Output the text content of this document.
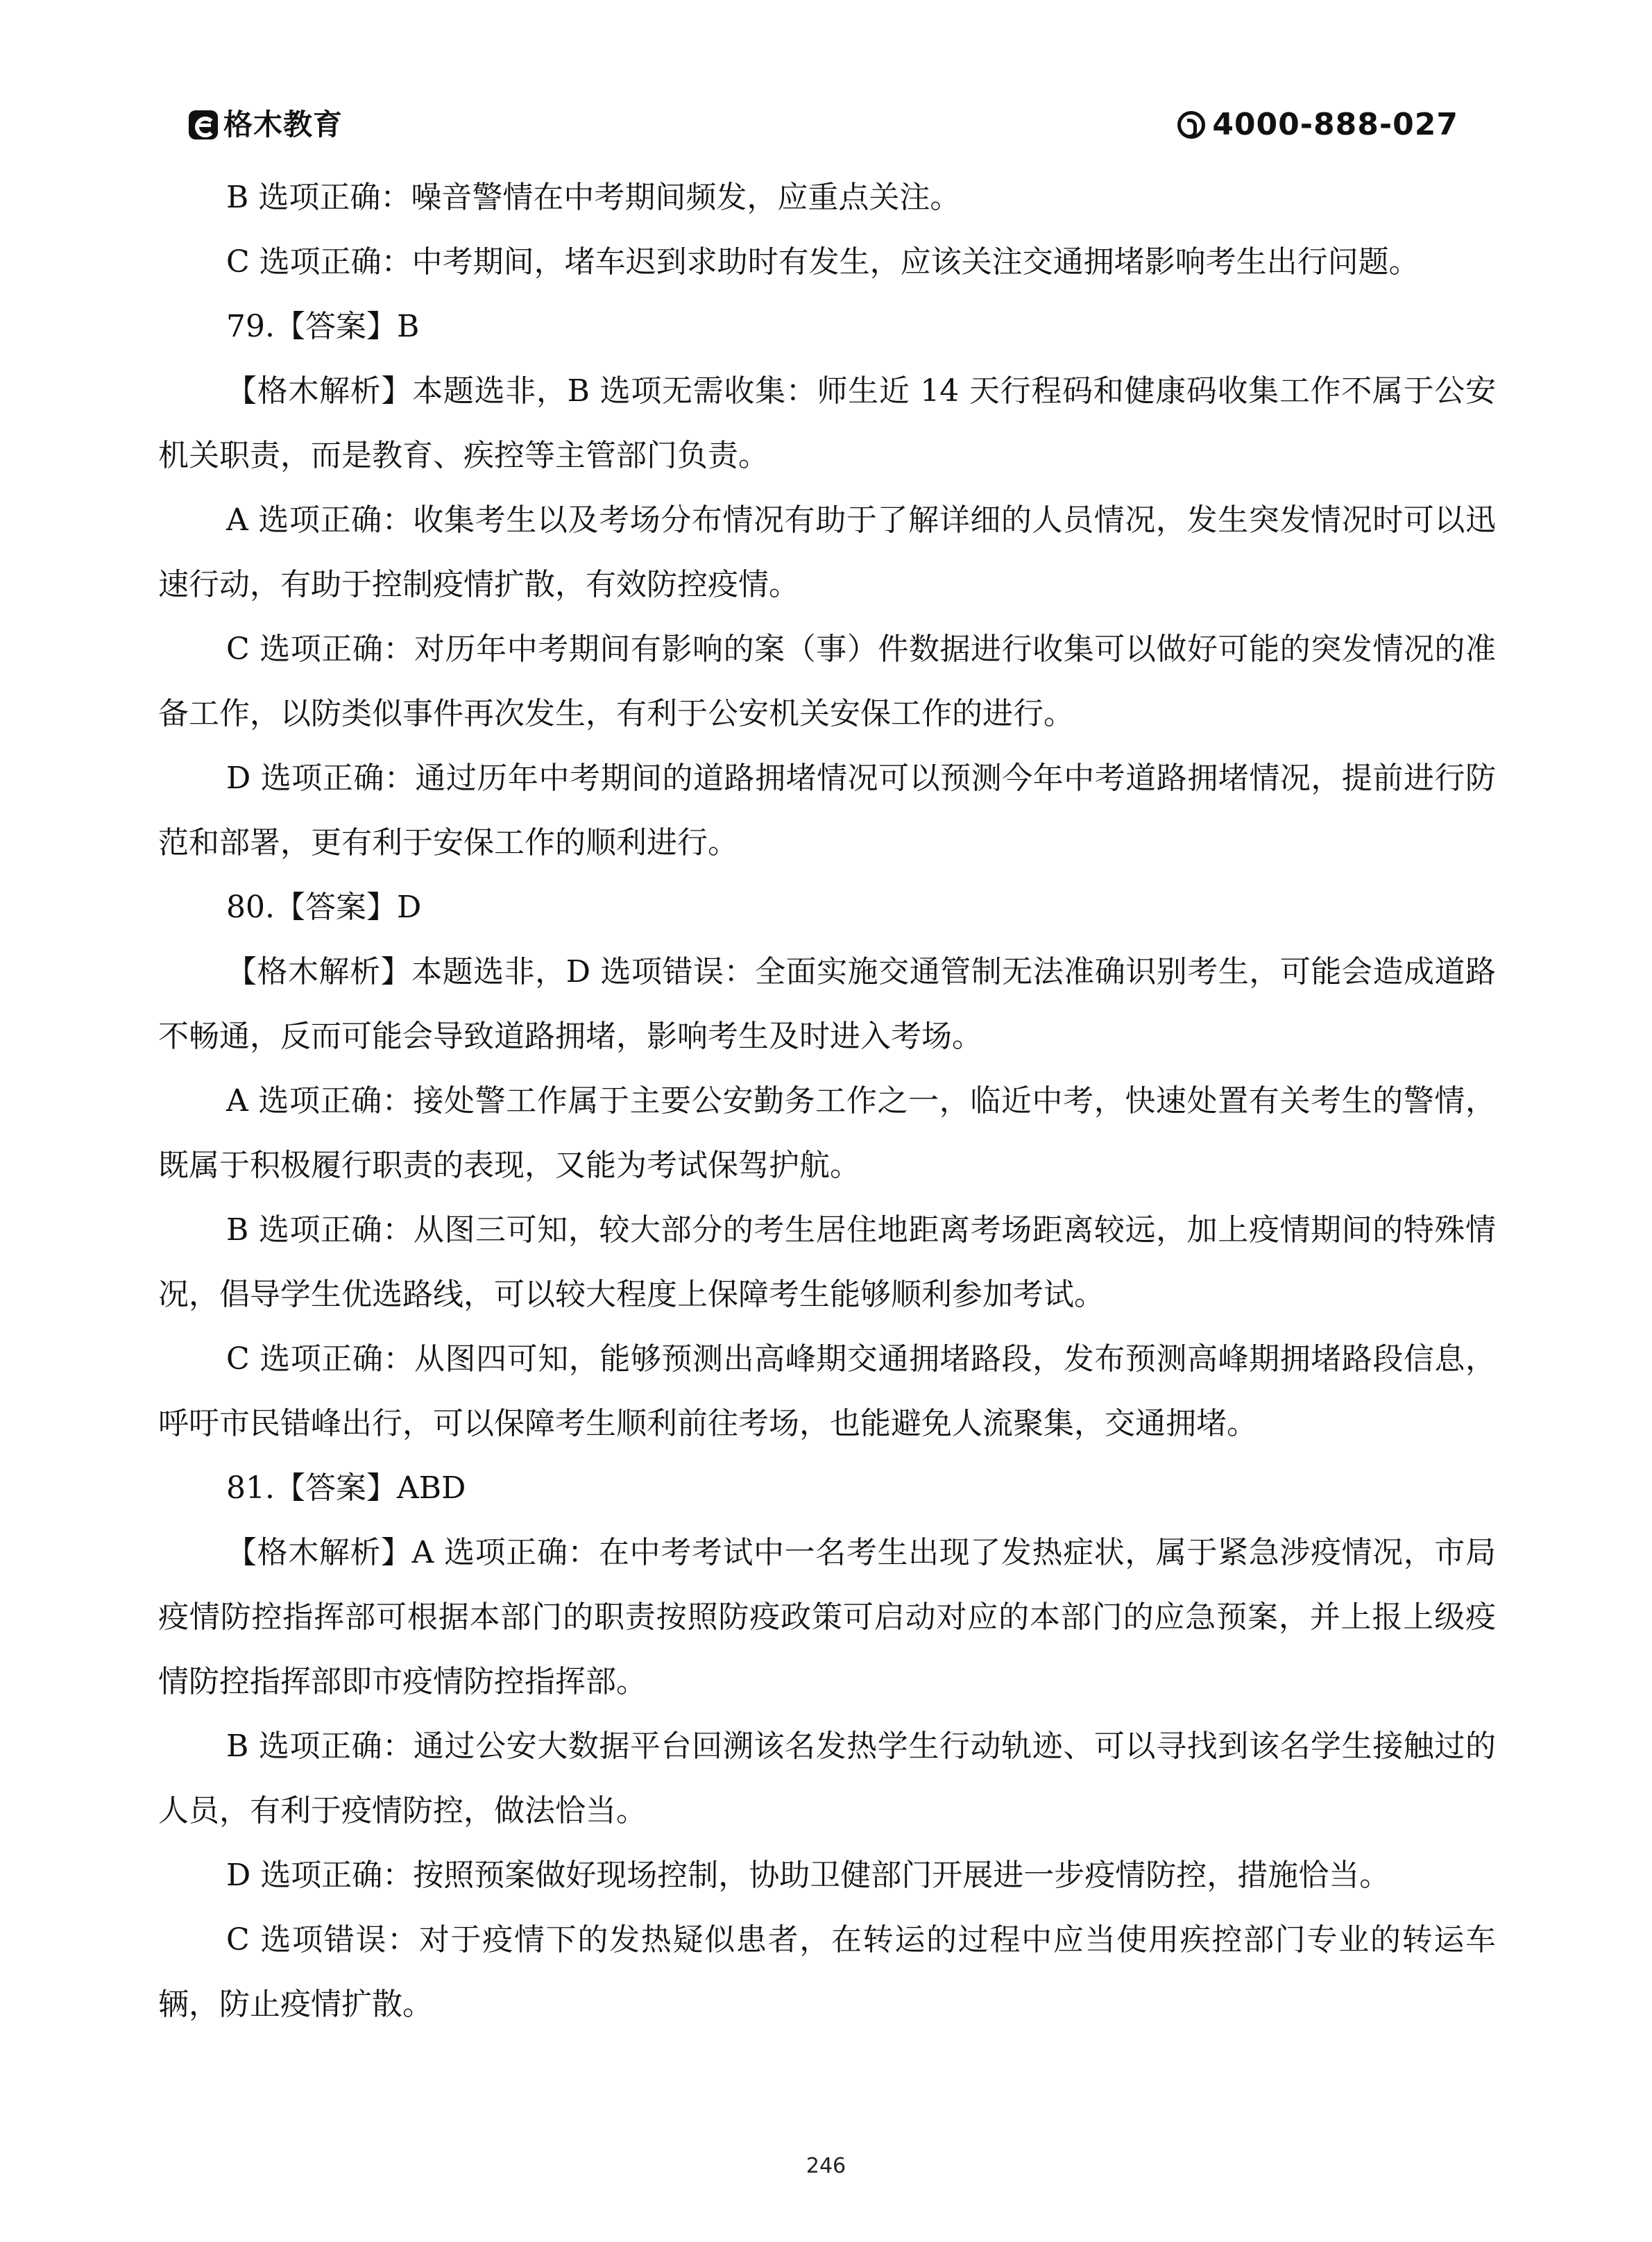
格木教育	4000-888-027

B 选项正确：噪音警情在中考期间频发，应重点关注。

C 选项正确：中考期间，堵车迟到求助时有发生，应该关注交通拥堵影响考生出行问题。

79.【答案】B

【格木解析】本题选非，B 选项无需收集：师生近 14 天行程码和健康码收集工作不属于公安机关职责，而是教育、疾控等主管部门负责。

A 选项正确：收集考生以及考场分布情况有助于了解详细的人员情况，发生突发情况时可以迅速行动，有助于控制疫情扩散，有效防控疫情。

C 选项正确：对历年中考期间有影响的案（事）件数据进行收集可以做好可能的突发情况的准备工作，以防类似事件再次发生，有利于公安机关安保工作的进行。

D 选项正确：通过历年中考期间的道路拥堵情况可以预测今年中考道路拥堵情况，提前进行防范和部署，更有利于安保工作的顺利进行。

80.【答案】D

【格木解析】本题选非，D 选项错误：全面实施交通管制无法准确识别考生，可能会造成道路不畅通，反而可能会导致道路拥堵，影响考生及时进入考场。

A 选项正确：接处警工作属于主要公安勤务工作之一，临近中考，快速处置有关考生的警情，既属于积极履行职责的表现，又能为考试保驾护航。

B 选项正确：从图三可知，较大部分的考生居住地距离考场距离较远，加上疫情期间的特殊情况，倡导学生优选路线，可以较大程度上保障考生能够顺利参加考试。

C 选项正确：从图四可知，能够预测出高峰期交通拥堵路段，发布预测高峰期拥堵路段信息，呼吁市民错峰出行，可以保障考生顺利前往考场，也能避免人流聚集，交通拥堵。

81.【答案】ABD

【格木解析】A 选项正确：在中考考试中一名考生出现了发热症状，属于紧急涉疫情况，市局疫情防控指挥部可根据本部门的职责按照防疫政策可启动对应的本部门的应急预案，并上报上级疫情防控指挥部即市疫情防控指挥部。

B 选项正确：通过公安大数据平台回溯该名发热学生行动轨迹、可以寻找到该名学生接触过的人员，有利于疫情防控，做法恰当。

D 选项正确：按照预案做好现场控制，协助卫健部门开展进一步疫情防控，措施恰当。

C 选项错误：对于疫情下的发热疑似患者，在转运的过程中应当使用疾控部门专业的转运车辆，防止疫情扩散。

246
